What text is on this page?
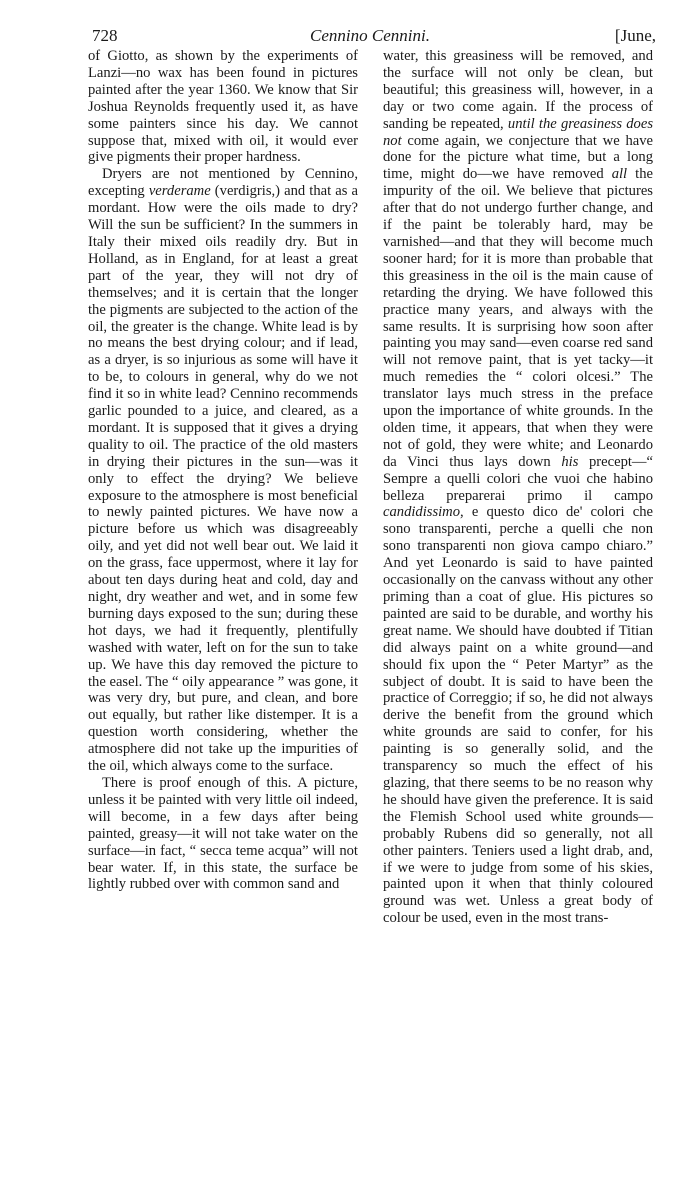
728	Cennino Cennini.	[June,

of Giotto, as shown by the experiments of Lanzi—no wax has been found in pictures painted after the year 1360. We know that Sir Joshua Reynolds frequently used it, as have some painters since his day. We cannot suppose that, mixed with oil, it would ever give pigments their proper hardness.

Dryers are not mentioned by Cennino, excepting verderame (verdigris,) and that as a mordant. How were the oils made to dry? Will the sun be sufficient? In the summers in Italy their mixed oils readily dry. But in Holland, as in England, for at least a great part of the year, they will not dry of themselves; and it is certain that the longer the pigments are subjected to the action of the oil, the greater is the change. White lead is by no means the best drying colour; and if lead, as a dryer, is so injurious as some will have it to be, to colours in general, why do we not find it so in white lead? Cennino recommends garlic pounded to a juice, and cleared, as a mordant. It is supposed that it gives a drying quality to oil. The practice of the old masters in drying their pictures in the sun—was it only to effect the drying? We believe exposure to the atmosphere is most beneficial to newly painted pictures. We have now a picture before us which was disagreeably oily, and yet did not well bear out. We laid it on the grass, face uppermost, where it lay for about ten days during heat and cold, day and night, dry weather and wet, and in some few burning days exposed to the sun; during these hot days, we had it frequently, plentifully washed with water, left on for the sun to take up. We have this day removed the picture to the easel. The “ oily appearance ” was gone, it was very dry, but pure, and clean, and bore out equally, but rather like distemper. It is a question worth considering, whether the atmosphere did not take up the impurities of the oil, which always come to the surface.

There is proof enough of this. A picture, unless it be painted with very little oil indeed, will become, in a few days after being painted, greasy—it will not take water on the surface—in fact, “ secca teme acqua” will not bear water. If, in this state, the surface be lightly rubbed over with common sand and

water, this greasiness will be removed, and the surface will not only be clean, but beautiful; this greasiness will, however, in a day or two come again. If the process of sanding be repeated, until the greasiness does not come again, we conjecture that we have done for the picture what time, but a long time, might do—we have removed all the impurity of the oil. We believe that pictures after that do not undergo further change, and if the paint be tolerably hard, may be varnished—and that they will become much sooner hard; for it is more than probable that this greasiness in the oil is the main cause of retarding the drying. We have followed this practice many years, and always with the same results. It is surprising how soon after painting you may sand—even coarse red sand will not remove paint, that is yet tacky—it much remedies the “ colori olcesi.” The translator lays much stress in the preface upon the importance of white grounds. In the olden time, it appears, that when they were not of gold, they were white; and Leonardo da Vinci thus lays down his precept—“ Sempre a quelli colori che vuoi che habino belleza preparerai primo il campo candidissimo, e questo dico de' colori che sono transparenti, perche a quelli che non sono transparenti non giova campo chiaro.” And yet Leonardo is said to have painted occasionally on the canvass without any other priming than a coat of glue. His pictures so painted are said to be durable, and worthy his great name. We should have doubted if Titian did always paint on a white ground—and should fix upon the “ Peter Martyr” as the subject of doubt. It is said to have been the practice of Correggio; if so, he did not always derive the benefit from the ground which white grounds are said to confer, for his painting is so generally solid, and the transparency so much the effect of his glazing, that there seems to be no reason why he should have given the preference. It is said the Flemish School used white grounds—probably Rubens did so generally, not all other painters. Teniers used a light drab, and, if we were to judge from some of his skies, painted upon it when that thinly coloured ground was wet. Unless a great body of colour be used, even in the most trans-
